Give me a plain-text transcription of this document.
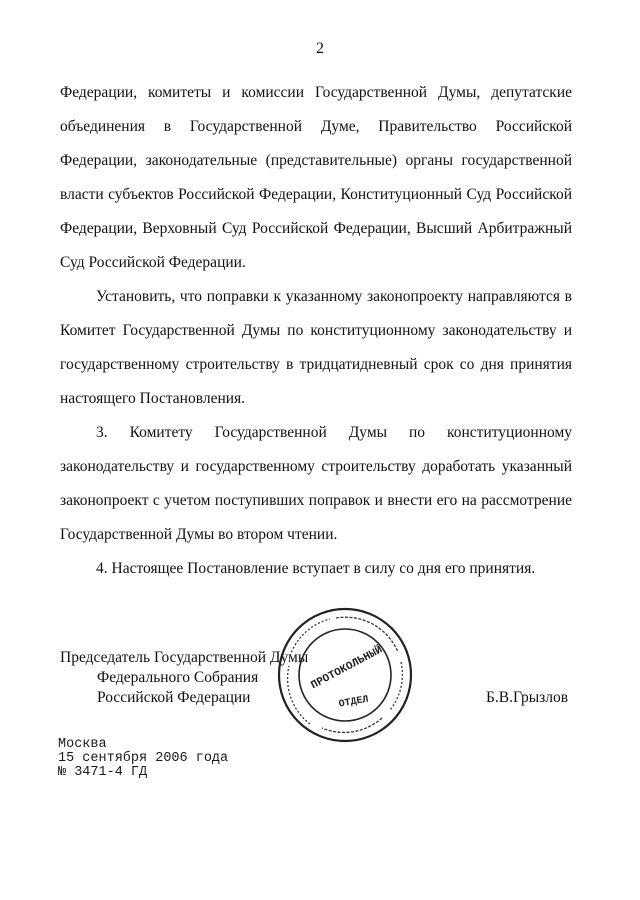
2

Федерации, комитеты и комиссии Государственной Думы, депутатские

объединения в Государственной Думе, Правительство Российской

Федерации, законодательные (представительные) органы государственной

власти субъектов Российской Федерации, Конституционный Суд Российской

Федерации, Верховный Суд Российской Федерации, Высший Арбитражный

Суд Российской Федерации.

Установить, что поправки к указанному законопроекту направляются в

Комитет Государственной Думы по конституционному законодательству и

государственному строительству в тридцатидневный срок со дня принятия

настоящего Постановления.

3. Комитету Государственной Думы по конституционному

законодательству и государственному строительству доработать указанный

законопроект с учетом поступивших поправок и внести его на рассмотрение

Государственной Думы во втором чтении.

4. Настоящее Постановление вступает в силу со дня его принятия.

Председатель Государственной Думы
Федерального Собрания
Российской Федерации	Б.В.Грызлов
Москва
15 сентября 2006 года
№ 3471-4 ГД
ПРОТОКОЛЬНЫЙ
ОТДЕЛ
